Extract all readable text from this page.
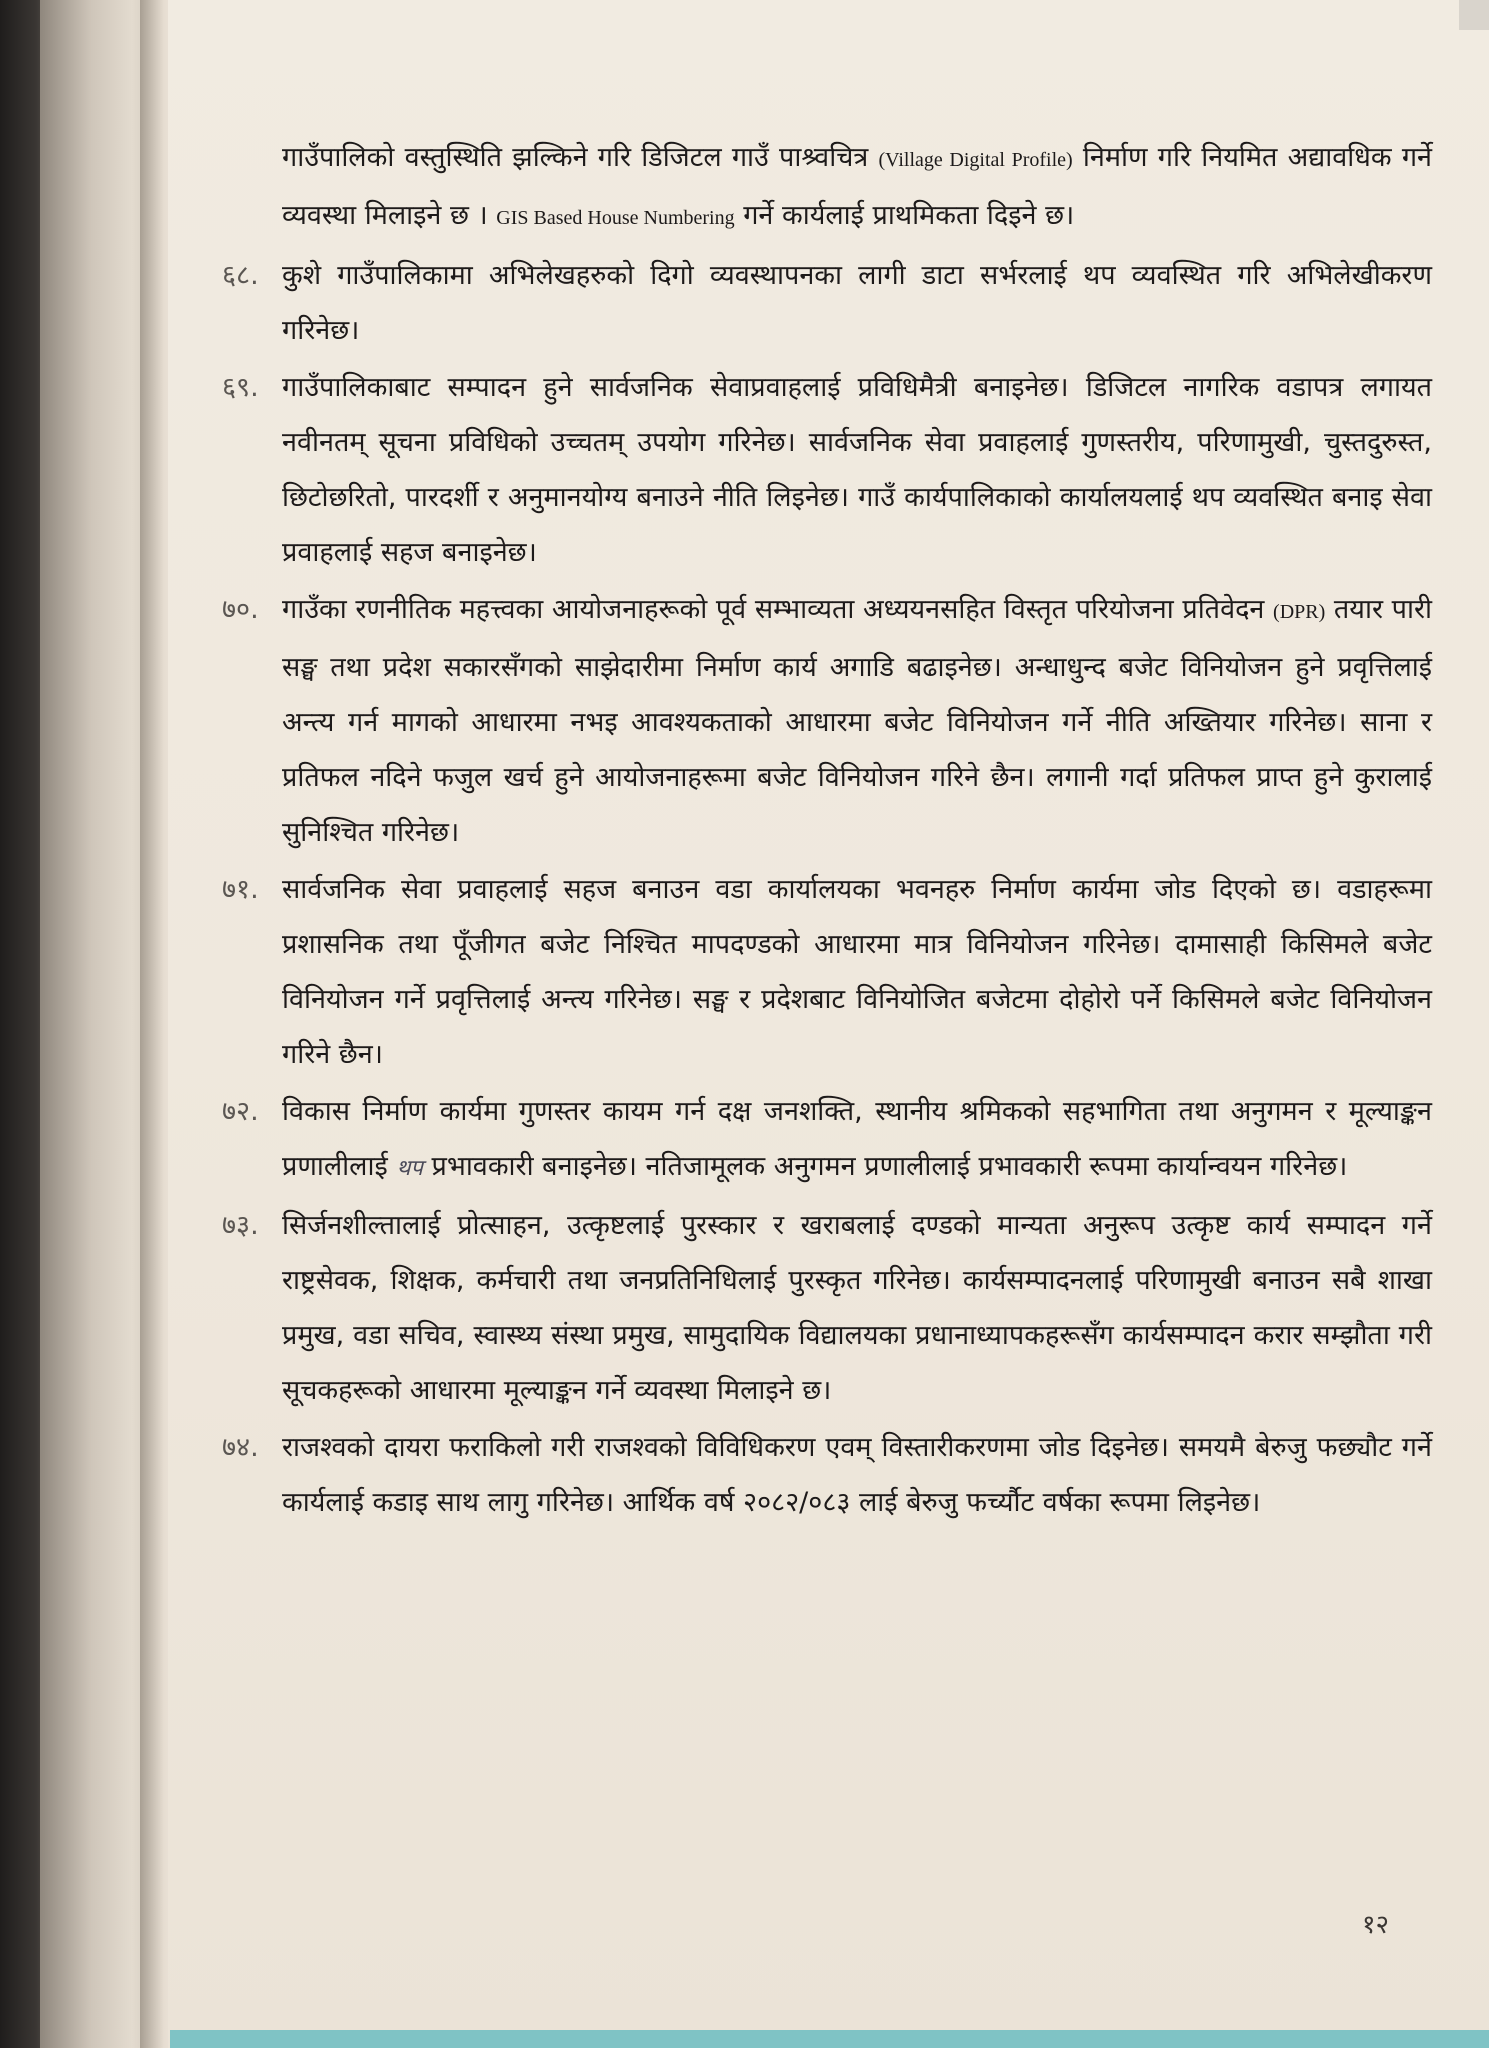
गाउँपालिको वस्तुस्थिति झल्किने गरि डिजिटल गाउँ पाश्र्वचित्र (Village Digital Profile) निर्माण गरि नियमित अद्यावधिक गर्ने व्यवस्था मिलाइने छ । GIS Based House Numbering गर्ने कार्यलाई प्राथमिकता दिइने छ।

६८. कुशे गाउँपालिकामा अभिलेखहरुको दिगो व्यवस्थापनका लागी डाटा सर्भरलाई थप व्यवस्थित गरि अभिलेखीकरण गरिनेछ।

६९. गाउँपालिकाबाट सम्पादन हुने सार्वजनिक सेवाप्रवाहलाई प्रविधिमैत्री बनाइनेछ। डिजिटल नागरिक वडापत्र लगायत नवीनतम् सूचना प्रविधिको उच्चतम् उपयोग गरिनेछ। सार्वजनिक सेवा प्रवाहलाई गुणस्तरीय, परिणामुखी, चुस्तदुरुस्त, छिटोछरितो, पारदर्शी र अनुमानयोग्य बनाउने नीति लिइनेछ। गाउँ कार्यपालिकाको कार्यालयलाई थप व्यवस्थित बनाइ सेवा प्रवाहलाई सहज बनाइनेछ।

७०. गाउँका रणनीतिक महत्त्वका आयोजनाहरूको पूर्व सम्भाव्यता अध्ययनसहित विस्तृत परियोजना प्रतिवेदन (DPR) तयार पारी सङ्घ तथा प्रदेश सकारसँगको साझेदारीमा निर्माण कार्य अगाडि बढाइनेछ। अन्धाधुन्द बजेट विनियोजन हुने प्रवृत्तिलाई अन्त्य गर्न मागको आधारमा नभइ आवश्यकताको आधारमा बजेट विनियोजन गर्ने नीति अख्तियार गरिनेछ। साना र प्रतिफल नदिने फजुल खर्च हुने आयोजनाहरूमा बजेट विनियोजन गरिने छैन। लगानी गर्दा प्रतिफल प्राप्त हुने कुरालाई सुनिश्चित गरिनेछ।

७१. सार्वजनिक सेवा प्रवाहलाई सहज बनाउन वडा कार्यालयका भवनहरु निर्माण कार्यमा जोड दिएको छ। वडाहरूमा प्रशासनिक तथा पूँजीगत बजेट निश्चित मापदण्डको आधारमा मात्र विनियोजन गरिनेछ। दामासाही किसिमले बजेट विनियोजन गर्ने प्रवृत्तिलाई अन्त्य गरिनेछ। सङ्घ र प्रदेशबाट विनियोजित बजेटमा दोहोरो पर्ने किसिमले बजेट विनियोजन गरिने छैन।

७२. विकास निर्माण कार्यमा गुणस्तर कायम गर्न दक्ष जनशक्ति, स्थानीय श्रमिकको सहभागिता तथा अनुगमन र मूल्याङ्कन प्रणालीलाई थप प्रभावकारी बनाइनेछ। नतिजामूलक अनुगमन प्रणालीलाई प्रभावकारी रूपमा कार्यान्वयन गरिनेछ।

७३. सिर्जनशील्तालाई प्रोत्साहन, उत्कृष्टलाई पुरस्कार र खराबलाई दण्डको मान्यता अनुरूप उत्कृष्ट कार्य सम्पादन गर्ने राष्ट्रसेवक, शिक्षक, कर्मचारी तथा जनप्रतिनिधिलाई पुरस्कृत गरिनेछ। कार्यसम्पादनलाई परिणामुखी बनाउन सबै शाखा प्रमुख, वडा सचिव, स्वास्थ्य संस्था प्रमुख, सामुदायिक विद्यालयका प्रधानाध्यापकहरूसँग कार्यसम्पादन करार सम्झौता गरी सूचकहरूको आधारमा मूल्याङ्कन गर्ने व्यवस्था मिलाइने छ।

७४. राजश्वको दायरा फराकिलो गरी राजश्वको विविधिकरण एवम् विस्तारीकरणमा जोड दिइनेछ। समयमै बेरुजु फछ्यौट गर्ने कार्यलाई कडाइ साथ लागु गरिनेछ। आर्थिक वर्ष २०८२/०८३ लाई बेरुजु फर्च्यौट वर्षका रूपमा लिइनेछ।

१२
